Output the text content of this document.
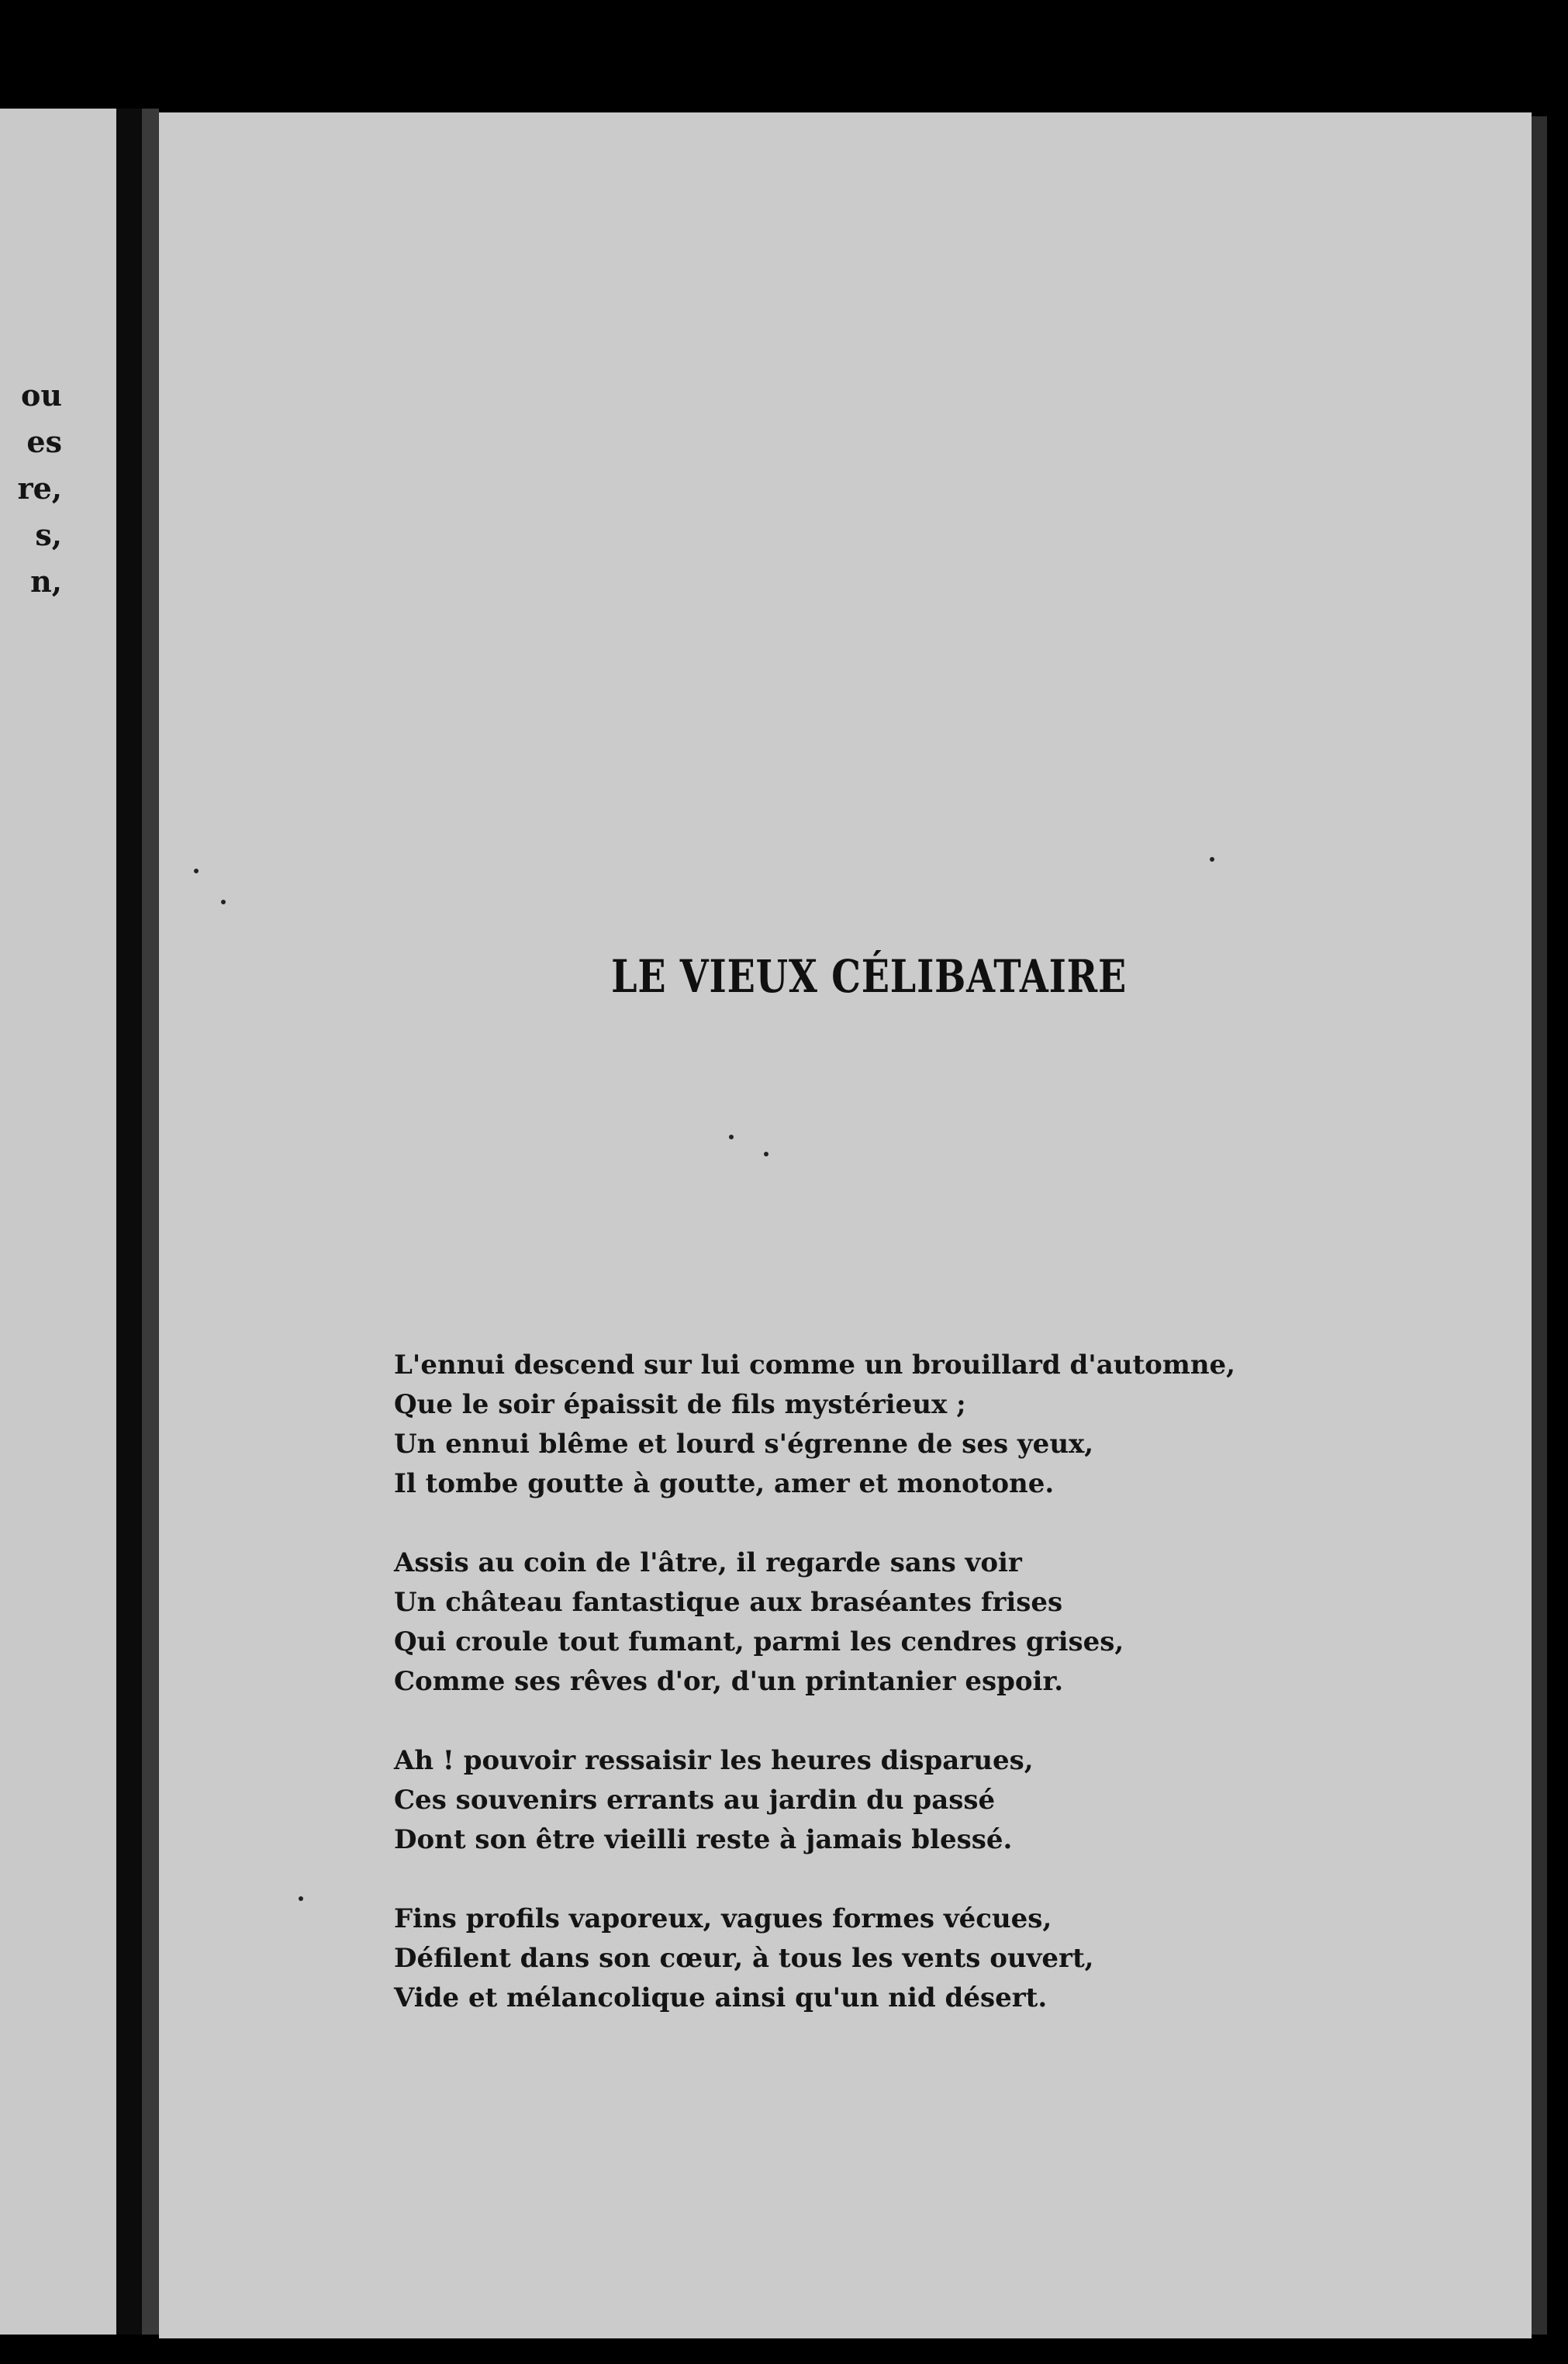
ou
es
re,
s,
n,
LE VIEUX CÉLIBATAIRE
L'ennui descend sur lui comme un brouillard d'automne,
Que le soir épaissit de fils mystérieux ;
Un ennui blême et lourd s'égrenne de ses yeux,
Il tombe goutte à goutte, amer et monotone.
Assis au coin de l'âtre, il regarde sans voir
Un château fantastique aux braséantes frises
Qui croule tout fumant, parmi les cendres grises,
Comme ses rêves d'or, d'un printanier espoir.
Ah ! pouvoir ressaisir les heures disparues,
Ces souvenirs errants au jardin du passé
Dont son être vieilli reste à jamais blessé.
Fins profils vaporeux, vagues formes vécues,
Défilent dans son cœur, à tous les vents ouvert,
Vide et mélancolique ainsi qu'un nid désert.
